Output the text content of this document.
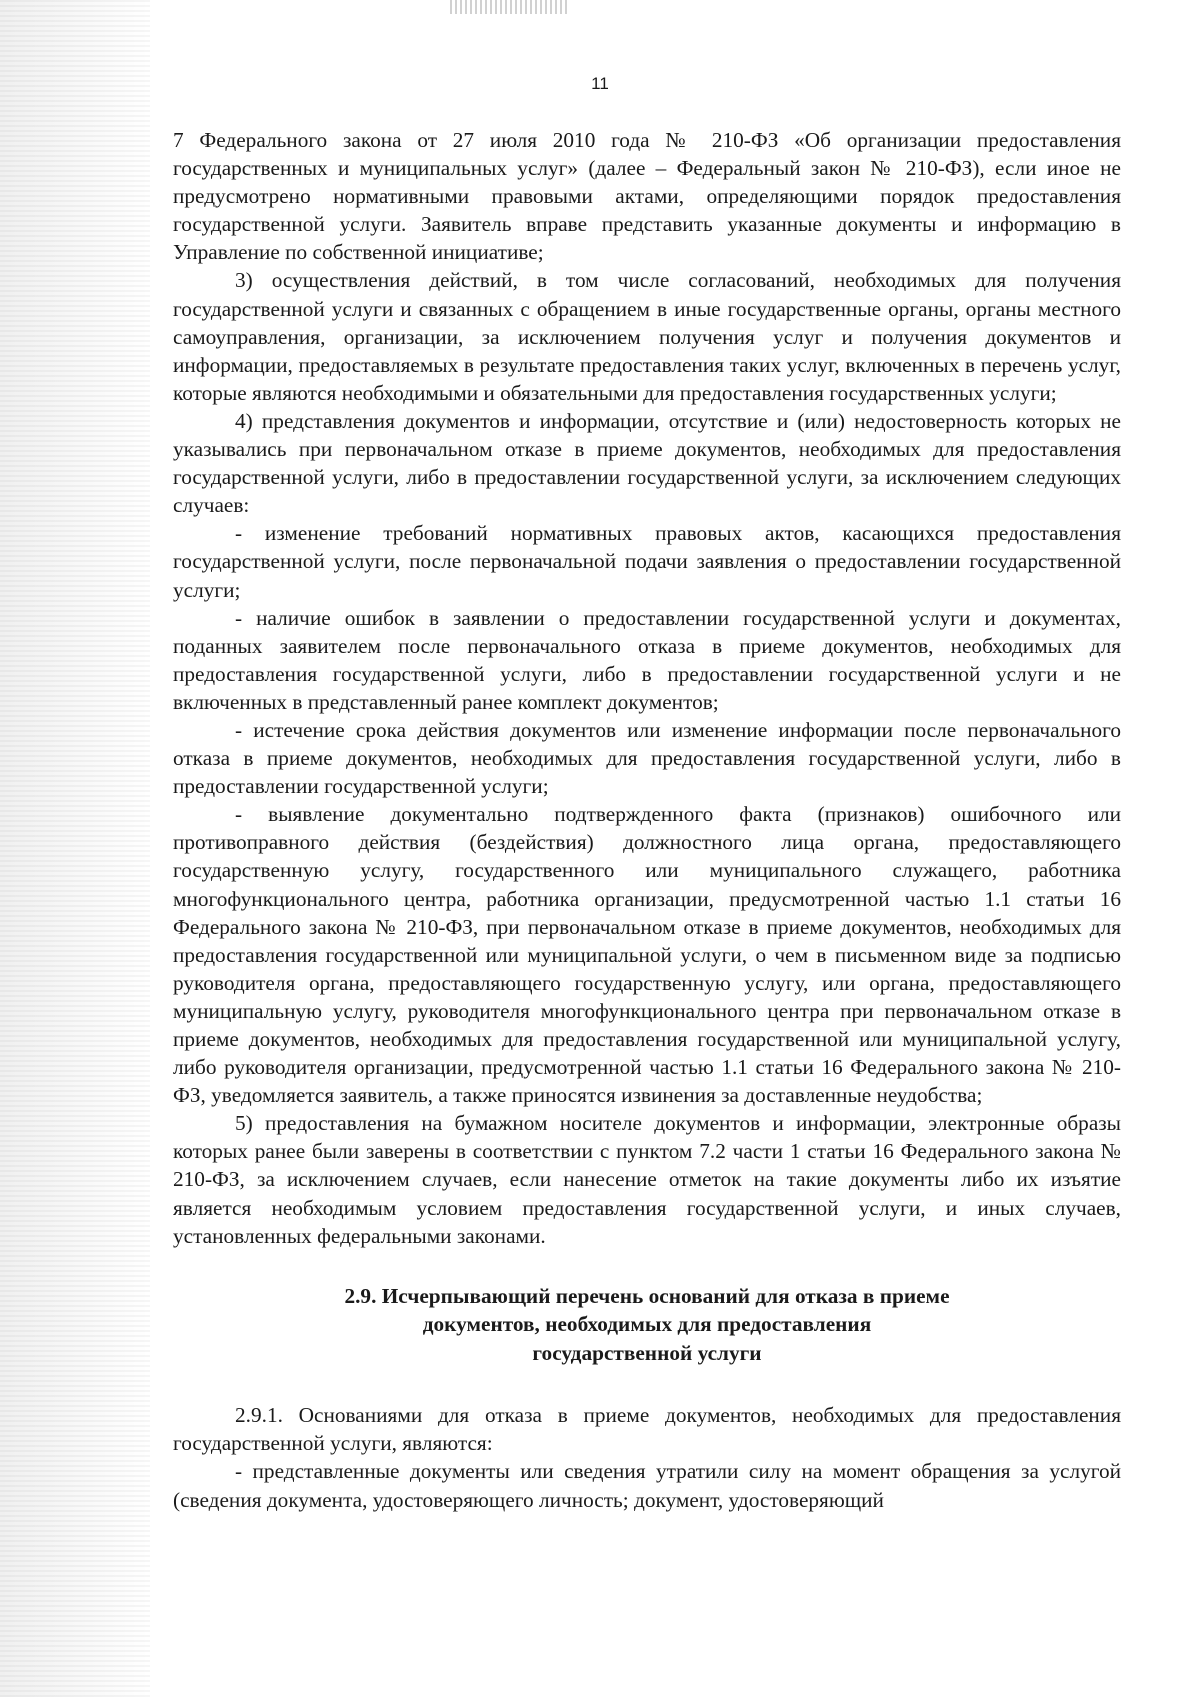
11

7 Федерального закона от 27 июля 2010 года № 210-ФЗ «Об организации предоставления государственных и муниципальных услуг» (далее – Федеральный закон № 210-ФЗ), если иное не предусмотрено нормативными правовыми актами, определяющими порядок предоставления государственной услуги. Заявитель вправе представить указанные документы и информацию в Управление по собственной инициативе;

3) осуществления действий, в том числе согласований, необходимых для получения государственной услуги и связанных с обращением в иные государственные органы, органы местного самоуправления, организации, за исключением получения услуг и получения документов и информации, предоставляемых в результате предоставления таких услуг, включенных в перечень услуг, которые являются необходимыми и обязательными для предоставления государственных услуги;

4) представления документов и информации, отсутствие и (или) недостоверность которых не указывались при первоначальном отказе в приеме документов, необходимых для предоставления государственной услуги, либо в предоставлении государственной услуги, за исключением следующих случаев:

- изменение требований нормативных правовых актов, касающихся предоставления государственной услуги, после первоначальной подачи заявления о предоставлении государственной услуги;

- наличие ошибок в заявлении о предоставлении государственной услуги и документах, поданных заявителем после первоначального отказа в приеме документов, необходимых для предоставления государственной услуги, либо в предоставлении государственной услуги и не включенных в представленный ранее комплект документов;

- истечение срока действия документов или изменение информации после первоначального отказа в приеме документов, необходимых для предоставления государственной услуги, либо в предоставлении государственной услуги;

- выявление документально подтвержденного факта (признаков) ошибочного или противоправного действия (бездействия) должностного лица органа, предоставляющего государственную услугу, государственного или муниципального служащего, работника многофункционального центра, работника организации, предусмотренной частью 1.1 статьи 16 Федерального закона № 210-ФЗ, при первоначальном отказе в приеме документов, необходимых для предоставления государственной или муниципальной услуги, о чем в письменном виде за подписью руководителя органа, предоставляющего государственную услугу, или органа, предоставляющего муниципальную услугу, руководителя многофункционального центра при первоначальном отказе в приеме документов, необходимых для предоставления государственной или муниципальной услугу, либо руководителя организации, предусмотренной частью 1.1 статьи 16 Федерального закона № 210-ФЗ, уведомляется заявитель, а также приносятся извинения за доставленные неудобства;

5) предоставления на бумажном носителе документов и информации, электронные образы которых ранее были заверены в соответствии с пунктом 7.2 части 1 статьи 16 Федерального закона № 210-ФЗ, за исключением случаев, если нанесение отметок на такие документы либо их изъятие является необходимым условием предоставления государственной услуги, и иных случаев, установленных федеральными законами.

2.9. Исчерпывающий перечень оснований для отказа в приеме
документов, необходимых для предоставления
государственной услуги

2.9.1. Основаниями для отказа в приеме документов, необходимых для предоставления государственной услуги, являются:

- представленные документы или сведения утратили силу на момент обращения за услугой (сведения документа, удостоверяющего личность; документ, удостоверяющий
